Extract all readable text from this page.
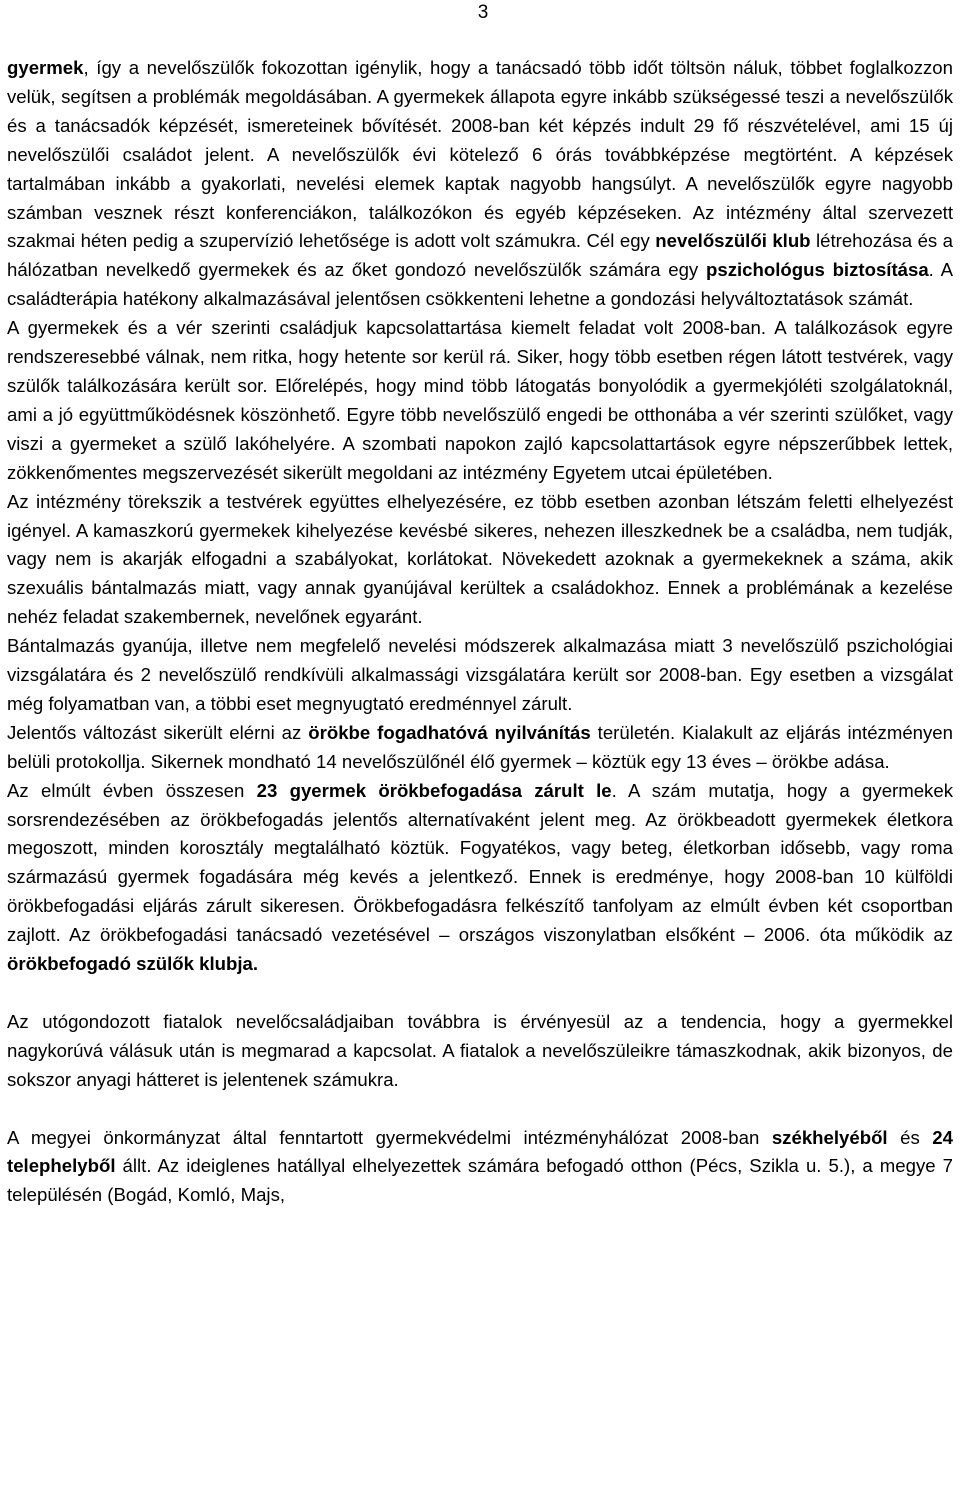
3

gyermek, így a nevelőszülők fokozottan igénylik, hogy a tanácsadó több időt töltsön náluk, többet foglalkozzon velük, segítsen a problémák megoldásában. A gyermekek állapota egyre inkább szükségessé teszi a nevelőszülők és a tanácsadók képzését, ismereteinek bővítését. 2008-ban két képzés indult 29 fő részvételével, ami 15 új nevelőszülői családot jelent. A nevelőszülők évi kötelező 6 órás továbbképzése megtörtént. A képzések tartalmában inkább a gyakorlati, nevelési elemek kaptak nagyobb hangsúlyt. A nevelőszülők egyre nagyobb számban vesznek részt konferenciákon, találkozókon és egyéb képzéseken. Az intézmény által szervezett szakmai héten pedig a szupervízió lehetősége is adott volt számukra. Cél egy nevelőszülői klub létrehozása és a hálózatban nevelkedő gyermekek és az őket gondozó nevelőszülők számára egy pszichológus biztosítása. A családterápia hatékony alkalmazásával jelentősen csökkenteni lehetne a gondozási helyváltoztatások számát.

A gyermekek és a vér szerinti családjuk kapcsolattartása kiemelt feladat volt 2008-ban. A találkozások egyre rendszeresebbé válnak, nem ritka, hogy hetente sor kerül rá. Siker, hogy több esetben régen látott testvérek, vagy szülők találkozására került sor. Előrelépés, hogy mind több látogatás bonyolódik a gyermekjóléti szolgálatoknál, ami a jó együttműködésnek köszönhető. Egyre több nevelőszülő engedi be otthonába a vér szerinti szülőket, vagy viszi a gyermeket a szülő lakóhelyére. A szombati napokon zajló kapcsolattartások egyre népszerűbbek lettek, zökkenőmentes megszervezését sikerült megoldani az intézmény Egyetem utcai épületében.

Az intézmény törekszik a testvérek együttes elhelyezésére, ez több esetben azonban létszám feletti elhelyezést igényel. A kamaszkorú gyermekek kihelyezése kevésbé sikeres, nehezen illeszkednek be a családba, nem tudják, vagy nem is akarják elfogadni a szabályokat, korlátokat. Növekedett azoknak a gyermekeknek a száma, akik szexuális bántalmazás miatt, vagy annak gyanújával kerültek a családokhoz. Ennek a problémának a kezelése nehéz feladat szakembernek, nevelőnek egyaránt.

Bántalmazás gyanúja, illetve nem megfelelő nevelési módszerek alkalmazása miatt 3 nevelőszülő pszichológiai vizsgálatára és 2 nevelőszülő rendkívüli alkalmassági vizsgálatára került sor 2008-ban. Egy esetben a vizsgálat még folyamatban van, a többi eset megnyugtató eredménnyel zárult.

Jelentős változást sikerült elérni az örökbe fogadhatóvá nyilvánítás területén. Kialakult az eljárás intézményen belüli protokollja. Sikernek mondható 14 nevelőszülőnél élő gyermek – köztük egy 13 éves – örökbe adása.

Az elmúlt évben összesen 23 gyermek örökbefogadása zárult le. A szám mutatja, hogy a gyermekek sorsrendezésében az örökbefogadás jelentős alternatívaként jelent meg. Az örökbeadott gyermekek életkora megoszott, minden korosztály megtalálható köztük. Fogyatékos, vagy beteg, életkorban idősebb, vagy roma származású gyermek fogadására még kevés a jelentkező. Ennek is eredménye, hogy 2008-ban 10 külföldi örökbefogadási eljárás zárult sikeresen. Örökbefogadásra felkészítő tanfolyam az elmúlt évben két csoportban zajlott. Az örökbefogadási tanácsadó vezetésével – országos viszonylatban elsőként – 2006. óta működik az örökbefogadó szülők klubja.

Az utógondozott fiatalok nevelőcsaládjaiban továbbra is érvényesül az a tendencia, hogy a gyermekkel nagykorúvá válásuk után is megmarad a kapcsolat. A fiatalok a nevelőszüleikre támaszkodnak, akik bizonyos, de sokszor anyagi hátteret is jelentenek számukra.

A megyei önkormányzat által fenntartott gyermekvédelmi intézményhálózat 2008-ban székhelyéből és 24 telephelyből állt. Az ideiglenes hatállyal elhelyezettek számára befogadó otthon (Pécs, Szikla u. 5.), a megye 7 településén (Bogád, Komló, Majs,
